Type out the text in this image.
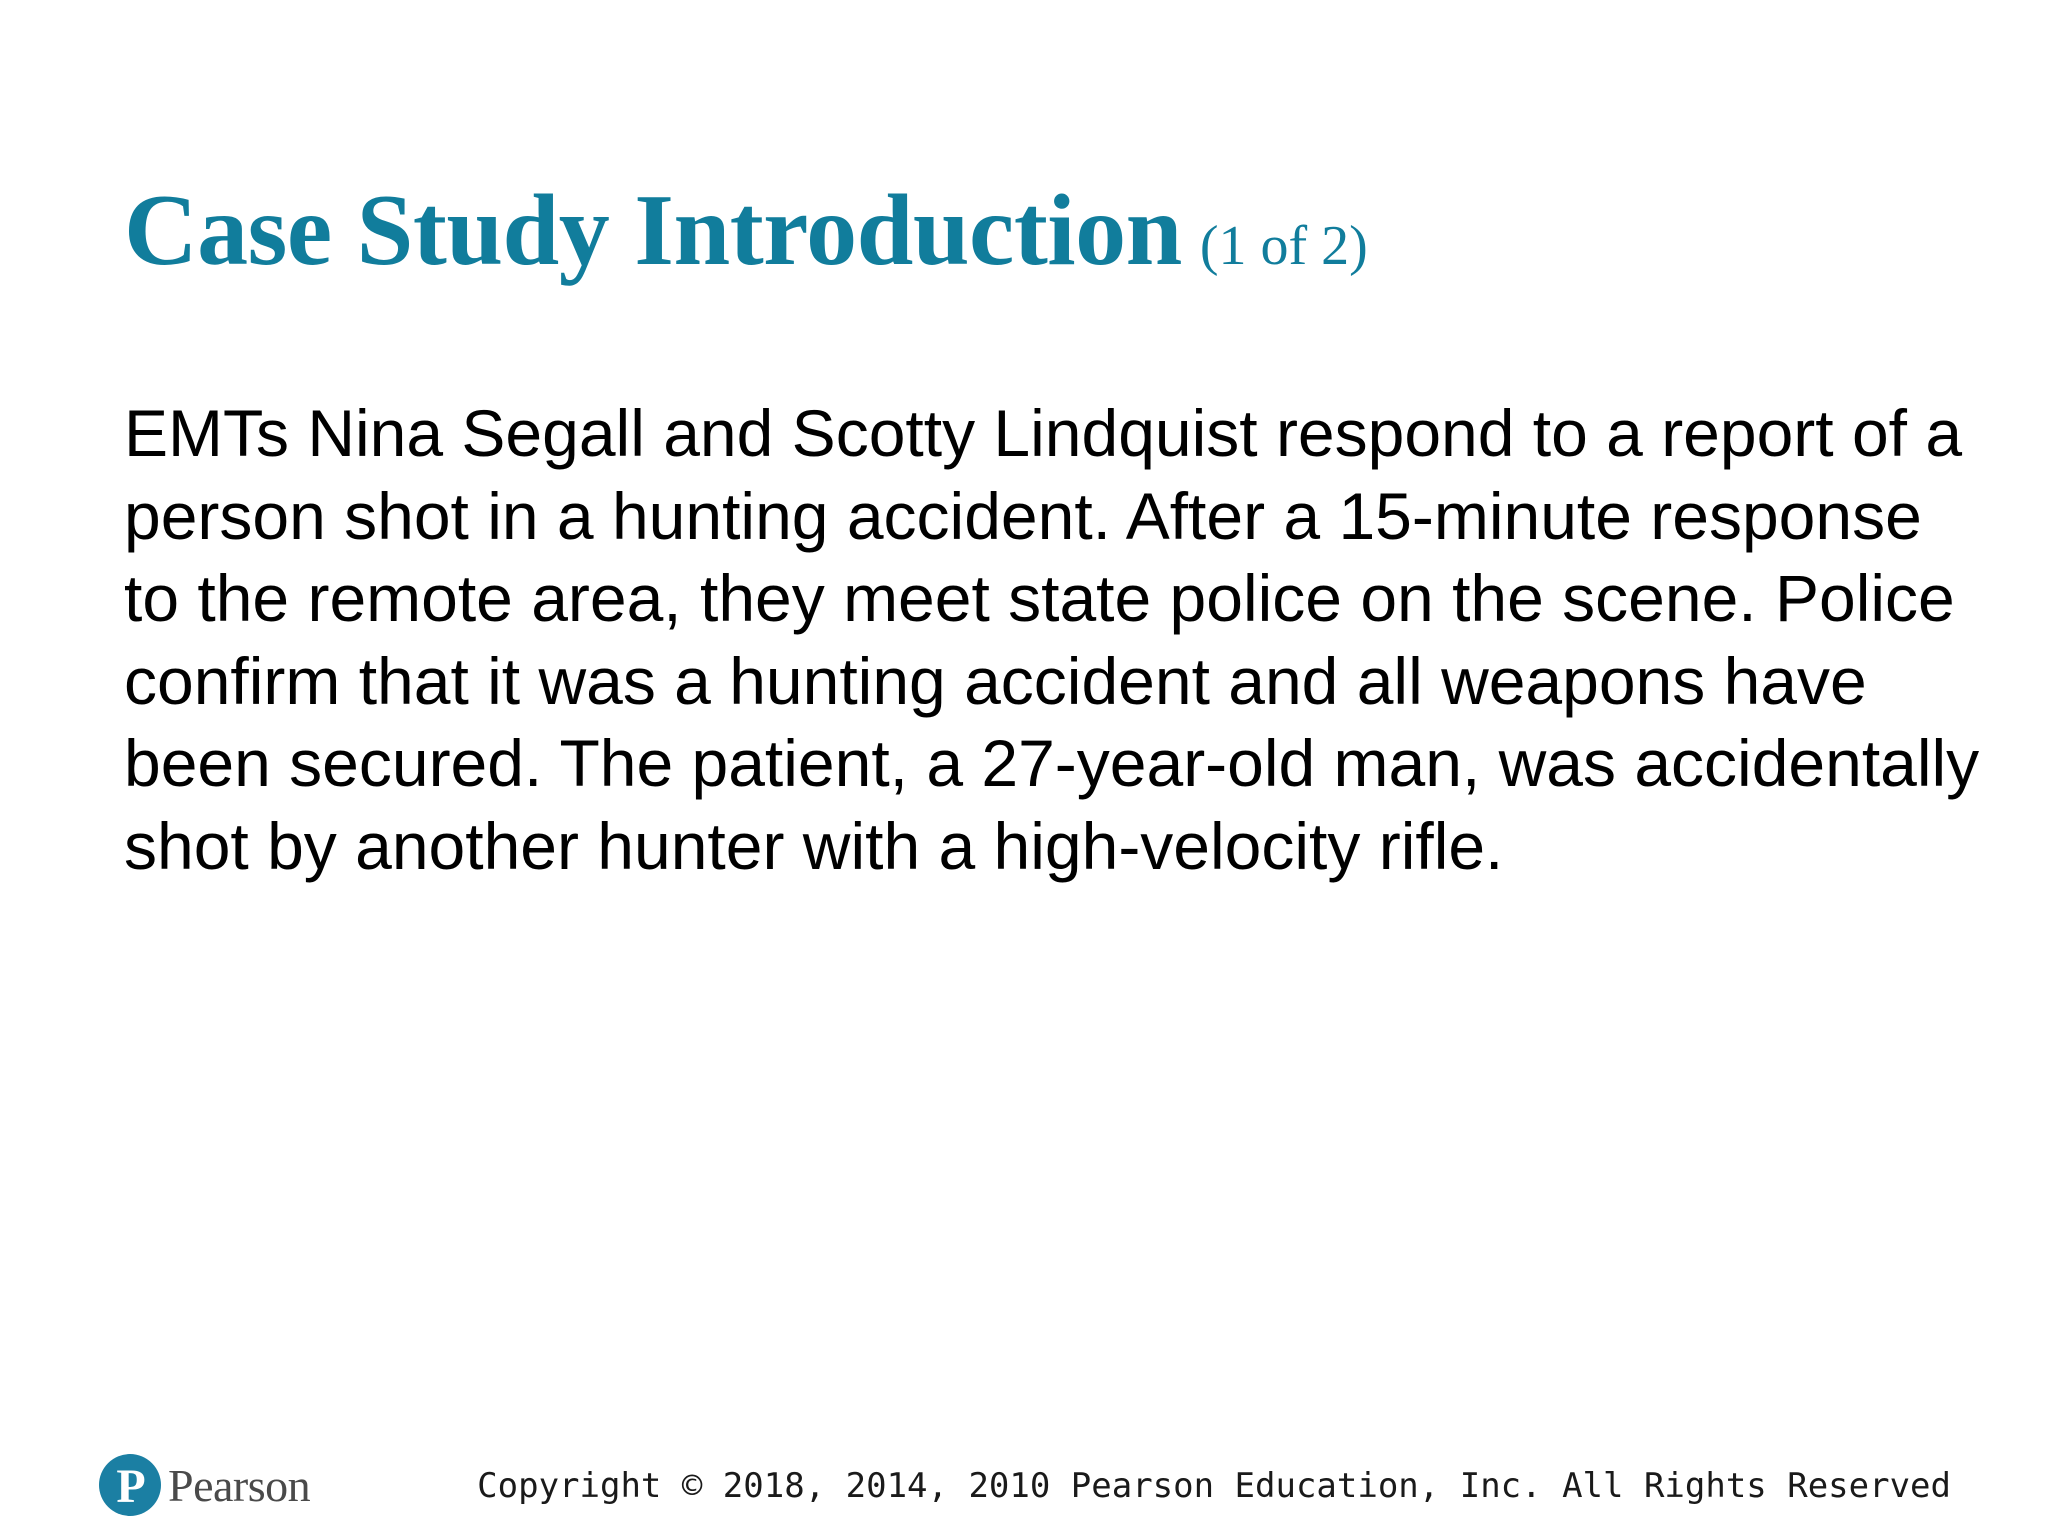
Case Study Introduction (1 of 2)

EMTs Nina Segall and Scotty Lindquist respond to a report of a person shot in a hunting accident. After a 15-minute response to the remote area, they meet state police on the scene. Police confirm that it was a hunting accident and all weapons have been secured. The patient, a 27-year-old man, was accidentally shot by another hunter with a high-velocity rifle.

P Pearson	Copyright © 2018, 2014, 2010 Pearson Education, Inc. All Rights Reserved
